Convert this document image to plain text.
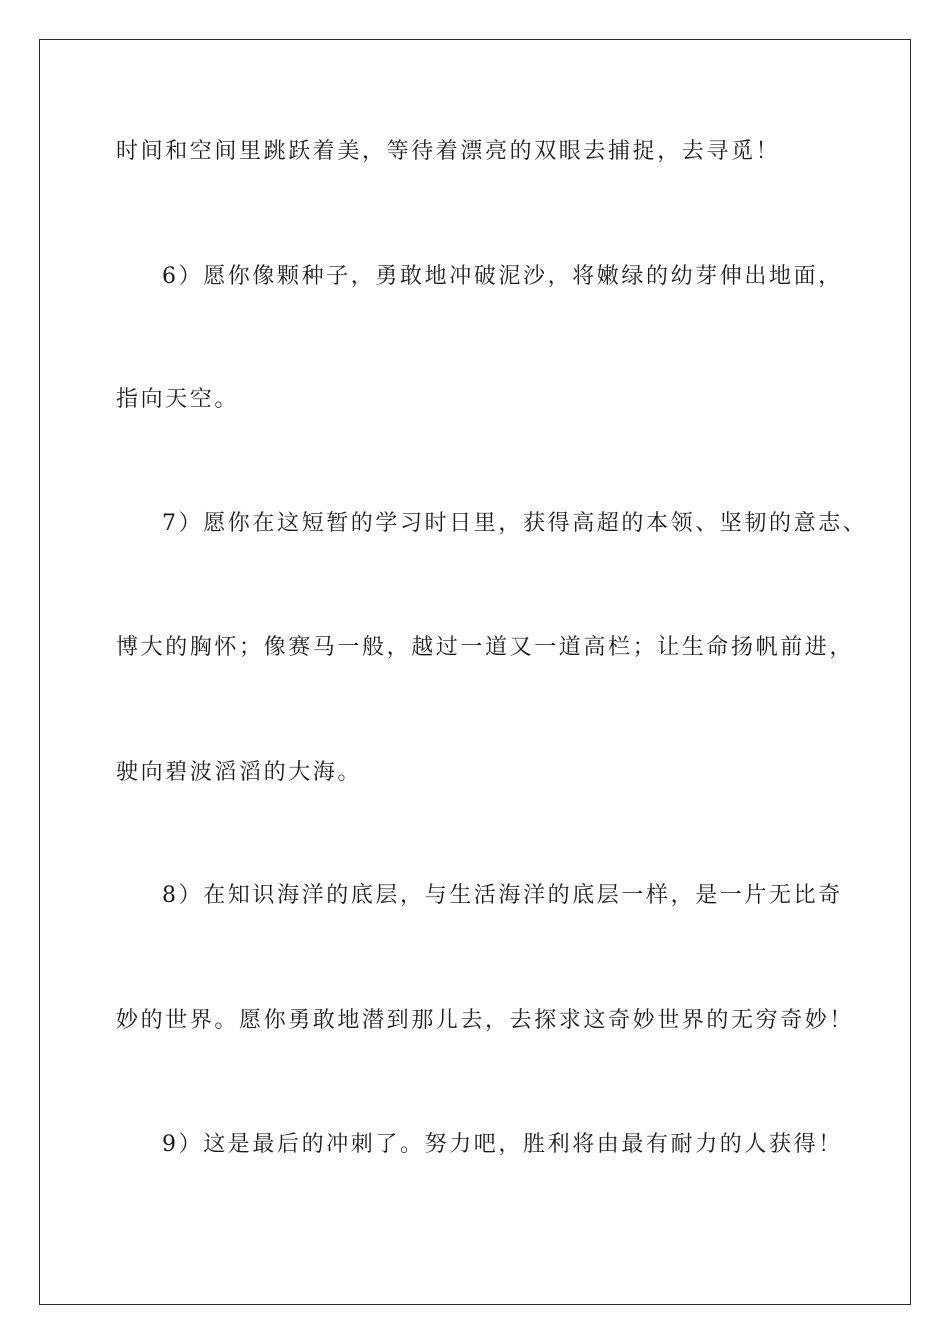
时间和空间里跳跃着美，等待着漂亮的双眼去捕捉，去寻觅！

6）愿你像颗种子，勇敢地冲破泥沙，将嫩绿的幼芽伸出地面，

指向天空。

7）愿你在这短暂的学习时日里，获得高超的本领、坚韧的意志、

博大的胸怀；像赛马一般，越过一道又一道高栏；让生命扬帆前进，

驶向碧波滔滔的大海。

8）在知识海洋的底层，与生活海洋的底层一样，是一片无比奇

妙的世界。愿你勇敢地潜到那儿去，去探求这奇妙世界的无穷奇妙！

9）这是最后的冲刺了。努力吧，胜利将由最有耐力的人获得！
